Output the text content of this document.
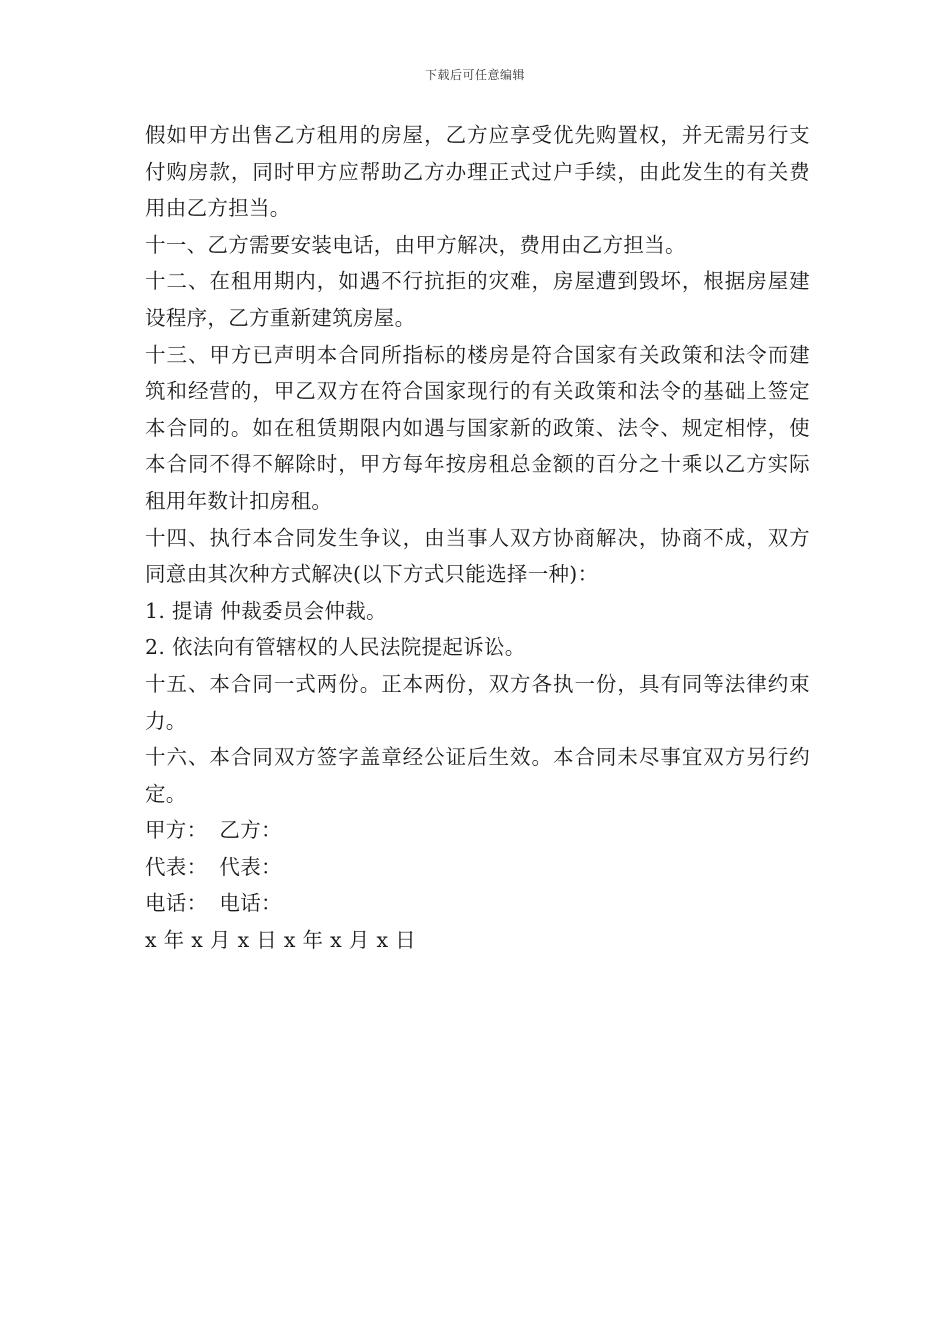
下载后可任意编辑

假如甲方出售乙方租用的房屋，乙方应享受优先购置权，并无需另行支付购房款，同时甲方应帮助乙方办理正式过户手续，由此发生的有关费用由乙方担当。

十一、乙方需要安装电话，由甲方解决，费用由乙方担当。

十二、在租用期内，如遇不行抗拒的灾难，房屋遭到毁坏，根据房屋建设程序，乙方重新建筑房屋。

十三、甲方已声明本合同所指标的楼房是符合国家有关政策和法令而建筑和经营的，甲乙双方在符合国家现行的有关政策和法令的基础上签定本合同的。如在租赁期限内如遇与国家新的政策、法令、规定相悖，使本合同不得不解除时，甲方每年按房租总金额的百分之十乘以乙方实际租用年数计扣房租。

十四、执行本合同发生争议，由当事人双方协商解决，协商不成，双方同意由其次种方式解决(以下方式只能选择一种)：

1. 提请 仲裁委员会仲裁。

2. 依法向有管辖权的人民法院提起诉讼。

十五、本合同一式两份。正本两份，双方各执一份，具有同等法律约束力。

十六、本合同双方签字盖章经公证后生效。本合同未尽事宜双方另行约定。

甲方： 乙方：
代表： 代表：
电话： 电话：
x 年 x 月 x 日 x 年 x 月 x 日
